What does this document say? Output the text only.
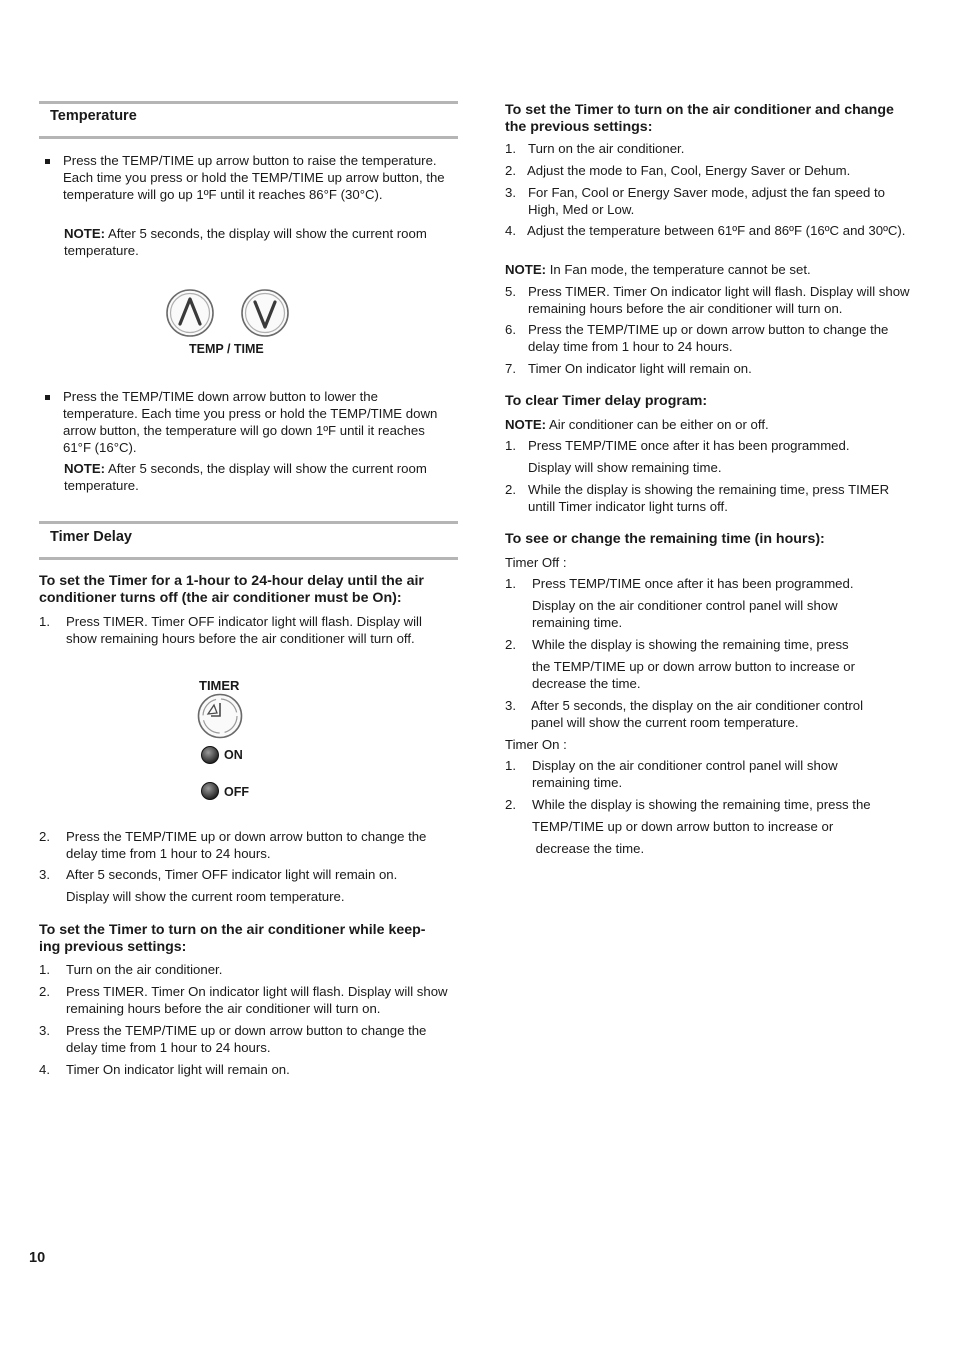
Temperature
Press the TEMP/TIME up arrow button to raise the temperature. Each time you press or hold the TEMP/TIME up arrow button, the temperature will go up 1ºF until it reaches 86°F (30°C).
NOTE: After 5 seconds, the display will show the current room temperature.
TEMP / TIME
Press the TEMP/TIME down arrow button to lower the temperature. Each time you press or hold the TEMP/TIME down arrow button, the temperature will go down 1ºF until it reaches 61°F (16°C).
NOTE: After 5 seconds, the display will show the current room temperature.
Timer Delay
To set the Timer for a 1-hour to 24-hour delay until the air conditioner turns off (the air conditioner must be On):
1. Press TIMER. Timer OFF indicator light will flash. Display will show remaining hours before the air conditioner will turn off.
TIMER
ON
OFF
2. Press the TEMP/TIME up or down arrow button to change the delay time from 1 hour to 24 hours.
3. After 5 seconds, Timer OFF indicator light will remain on.
Display will show the current room temperature.
To set the Timer to turn on the air conditioner while keep-
ing previous settings:
1. Turn on the air conditioner.
2. Press TIMER. Timer On indicator light will flash. Display will show remaining hours before the air conditioner will turn on.
3. Press the TEMP/TIME up or down arrow button to change the delay time from 1 hour to 24 hours.
4. Timer On indicator light will remain on.
To set the Timer to turn on the air conditioner and change the previous settings:
1. Turn on the air conditioner.
2. Adjust the mode to Fan, Cool, Energy Saver or Dehum.
3. For Fan, Cool or Energy Saver mode, adjust the fan speed to High, Med or Low.
4. Adjust the temperature between 61ºF and 86ºF (16ºC and 30ºC).
NOTE: In Fan mode, the temperature cannot be set.
5. Press TIMER. Timer On indicator light will flash. Display will show remaining hours before the air conditioner will turn on.
6. Press the TEMP/TIME up or down arrow button to change the delay time from 1 hour to 24 hours.
7. Timer On indicator light will remain on.
To clear Timer delay program:
NOTE: Air conditioner can be either on or off.
1. Press TEMP/TIME once after it has been programmed.
Display will show remaining time.
2. While the display is showing the remaining time, press TIMER untill Timer indicator light turns off.
To see or change the remaining time (in hours):
Timer Off :
1. Press TEMP/TIME once after it has been programmed.
Display on the air conditioner control panel will show remaining time.
2. While the display is showing the remaining time, press
the TEMP/TIME up or down arrow button to increase or decrease the time.
3. After 5 seconds, the display on the air conditioner control panel will show the current room temperature.
Timer On :
1. Display on the air conditioner control panel will show remaining time.
2. While the display is showing the remaining time, press the
TEMP/TIME up or down arrow button to increase or
decrease the time.
10
